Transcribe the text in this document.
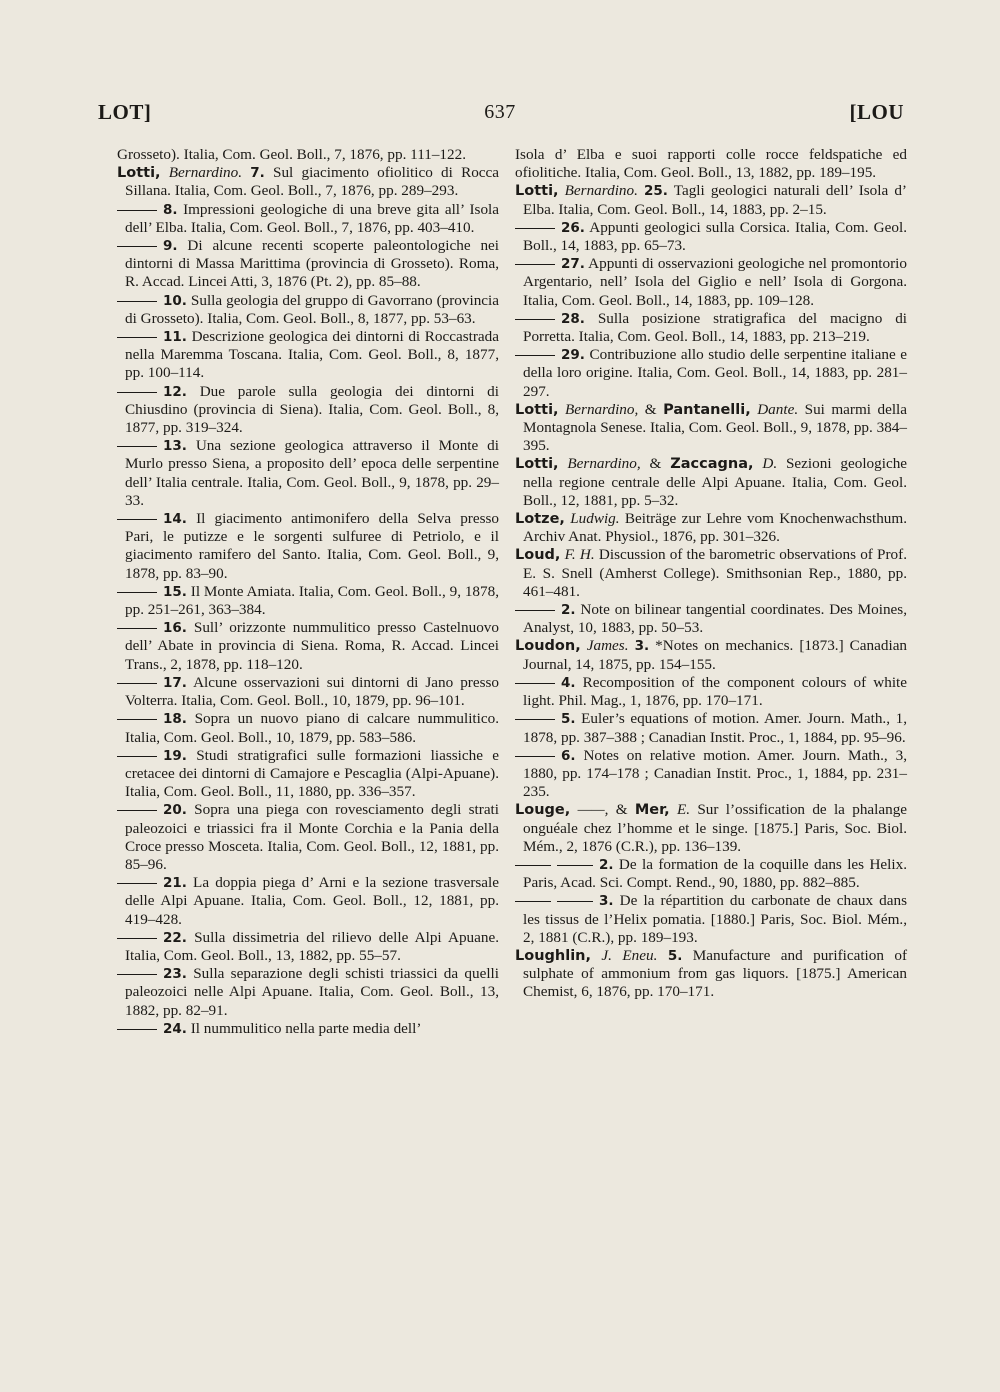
LOT]	637	[LOU

Grosseto). Italia, Com. Geol. Boll., 7, 1876, pp. 111–122.

Lotti, Bernardino. 7. Sul giacimento ofiolitico di Rocca Sillana. Italia, Com. Geol. Boll., 7, 1876, pp. 289–293.

8. Impressioni geologiche di una breve gita all’ Isola dell’ Elba. Italia, Com. Geol. Boll., 7, 1876, pp. 403–410.

9. Di alcune recenti scoperte paleontologiche nei dintorni di Massa Marittima (provincia di Grosseto). Roma, R. Accad. Lincei Atti, 3, 1876 (Pt. 2), pp. 85–88.

10. Sulla geologia del gruppo di Gavorrano (provincia di Grosseto). Italia, Com. Geol. Boll., 8, 1877, pp. 53–63.

11. Descrizione geologica dei dintorni di Roccastrada nella Maremma Toscana. Italia, Com. Geol. Boll., 8, 1877, pp. 100–114.

12. Due parole sulla geologia dei dintorni di Chiusdino (provincia di Siena). Italia, Com. Geol. Boll., 8, 1877, pp. 319–324.

13. Una sezione geologica attraverso il Monte di Murlo presso Siena, a proposito dell’ epoca delle serpentine dell’ Italia centrale. Italia, Com. Geol. Boll., 9, 1878, pp. 29–33.

14. Il giacimento antimonifero della Selva presso Pari, le putizze e le sorgenti sulfuree di Petriolo, e il giacimento ramifero del Santo. Italia, Com. Geol. Boll., 9, 1878, pp. 83–90.

15. Il Monte Amiata. Italia, Com. Geol. Boll., 9, 1878, pp. 251–261, 363–384.

16. Sull’ orizzonte nummulitico presso Castelnuovo dell’ Abate in provincia di Siena. Roma, R. Accad. Lincei Trans., 2, 1878, pp. 118–120.

17. Alcune osservazioni sui dintorni di Jano presso Volterra. Italia, Com. Geol. Boll., 10, 1879, pp. 96–101.

18. Sopra un nuovo piano di calcare nummulitico. Italia, Com. Geol. Boll., 10, 1879, pp. 583–586.

19. Studi stratigrafici sulle formazioni liassiche e cretacee dei dintorni di Camajore e Pescaglia (Alpi-Apuane). Italia, Com. Geol. Boll., 11, 1880, pp. 336–357.

20. Sopra una piega con rovesciamento degli strati paleozoici e triassici fra il Monte Corchia e la Pania della Croce presso Mosceta. Italia, Com. Geol. Boll., 12, 1881, pp. 85–96.

21. La doppia piega d’ Arni e la sezione trasversale delle Alpi Apuane. Italia, Com. Geol. Boll., 12, 1881, pp. 419–428.

22. Sulla dissimetria del rilievo delle Alpi Apuane. Italia, Com. Geol. Boll., 13, 1882, pp. 55–57.

23. Sulla separazione degli schisti triassici da quelli paleozoici nelle Alpi Apuane. Italia, Com. Geol. Boll., 13, 1882, pp. 82–91.

24. Il nummulitico nella parte media dell’

Isola d’ Elba e suoi rapporti colle rocce feldspatiche ed ofiolitiche. Italia, Com. Geol. Boll., 13, 1882, pp. 189–195.

Lotti, Bernardino. 25. Tagli geologici naturali dell’ Isola d’ Elba. Italia, Com. Geol. Boll., 14, 1883, pp. 2–15.

26. Appunti geologici sulla Corsica. Italia, Com. Geol. Boll., 14, 1883, pp. 65–73.

27. Appunti di osservazioni geologiche nel promontorio Argentario, nell’ Isola del Giglio e nell’ Isola di Gorgona. Italia, Com. Geol. Boll., 14, 1883, pp. 109–128.

28. Sulla posizione stratigrafica del macigno di Porretta. Italia, Com. Geol. Boll., 14, 1883, pp. 213–219.

29. Contribuzione allo studio delle serpentine italiane e della loro origine. Italia, Com. Geol. Boll., 14, 1883, pp. 281–297.

Lotti, Bernardino, & Pantanelli, Dante. Sui marmi della Montagnola Senese. Italia, Com. Geol. Boll., 9, 1878, pp. 384–395.

Lotti, Bernardino, & Zaccagna, D. Sezioni geologiche nella regione centrale delle Alpi Apuane. Italia, Com. Geol. Boll., 12, 1881, pp. 5–32.

Lotze, Ludwig. Beiträge zur Lehre vom Knochenwachsthum. Archiv Anat. Physiol., 1876, pp. 301–326.

Loud, F. H. Discussion of the barometric observations of Prof. E. S. Snell (Amherst College). Smithsonian Rep., 1880, pp. 461–481.

2. Note on bilinear tangential coordinates. Des Moines, Analyst, 10, 1883, pp. 50–53.

Loudon, James. 3. *Notes on mechanics. [1873.] Canadian Journal, 14, 1875, pp. 154–155.

4. Recomposition of the component colours of white light. Phil. Mag., 1, 1876, pp. 170–171.

5. Euler’s equations of motion. Amer. Journ. Math., 1, 1878, pp. 387–388 ; Canadian Instit. Proc., 1, 1884, pp. 95–96.

6. Notes on relative motion. Amer. Journ. Math., 3, 1880, pp. 174–178 ; Canadian Instit. Proc., 1, 1884, pp. 231–235.

Louge, ——, & Mer, E. Sur l’ossification de la phalange onguéale chez l’homme et le singe. [1875.] Paris, Soc. Biol. Mém., 2, 1876 (C.R.), pp. 136–139.

2. De la formation de la coquille dans les Helix. Paris, Acad. Sci. Compt. Rend., 90, 1880, pp. 882–885.

3. De la répartition du carbonate de chaux dans les tissus de l’Helix pomatia. [1880.] Paris, Soc. Biol. Mém., 2, 1881 (C.R.), pp. 189–193.

Loughlin, J. Eneu. 5. Manufacture and purification of sulphate of ammonium from gas liquors. [1875.] American Chemist, 6, 1876, pp. 170–171.
